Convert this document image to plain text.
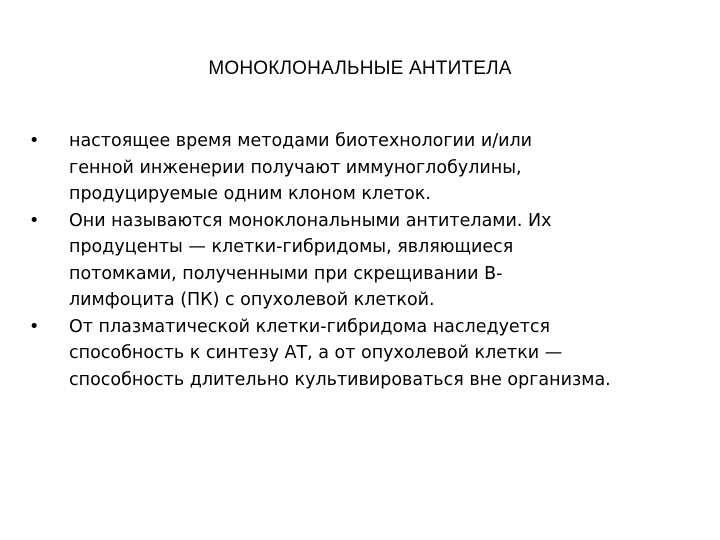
МОНОКЛОНАЛЬНЫЕ АНТИТЕЛА
• настоящее время методами биотехнологии и/или
генной инженерии получают иммуноглобулины,
продуцируемые одним клоном клеток.
• Они называются моноклональными антителами. Их
продуценты — клетки-гибридомы, являющиеся
потомками, полученными при скрещивании В-
лимфоцита (ПК) с опухолевой клеткой.
• От плазматической клетки-гибридома наследуется
способность к синтезу АТ, а от опухолевой клетки —
способность длительно культивироваться вне организма.
